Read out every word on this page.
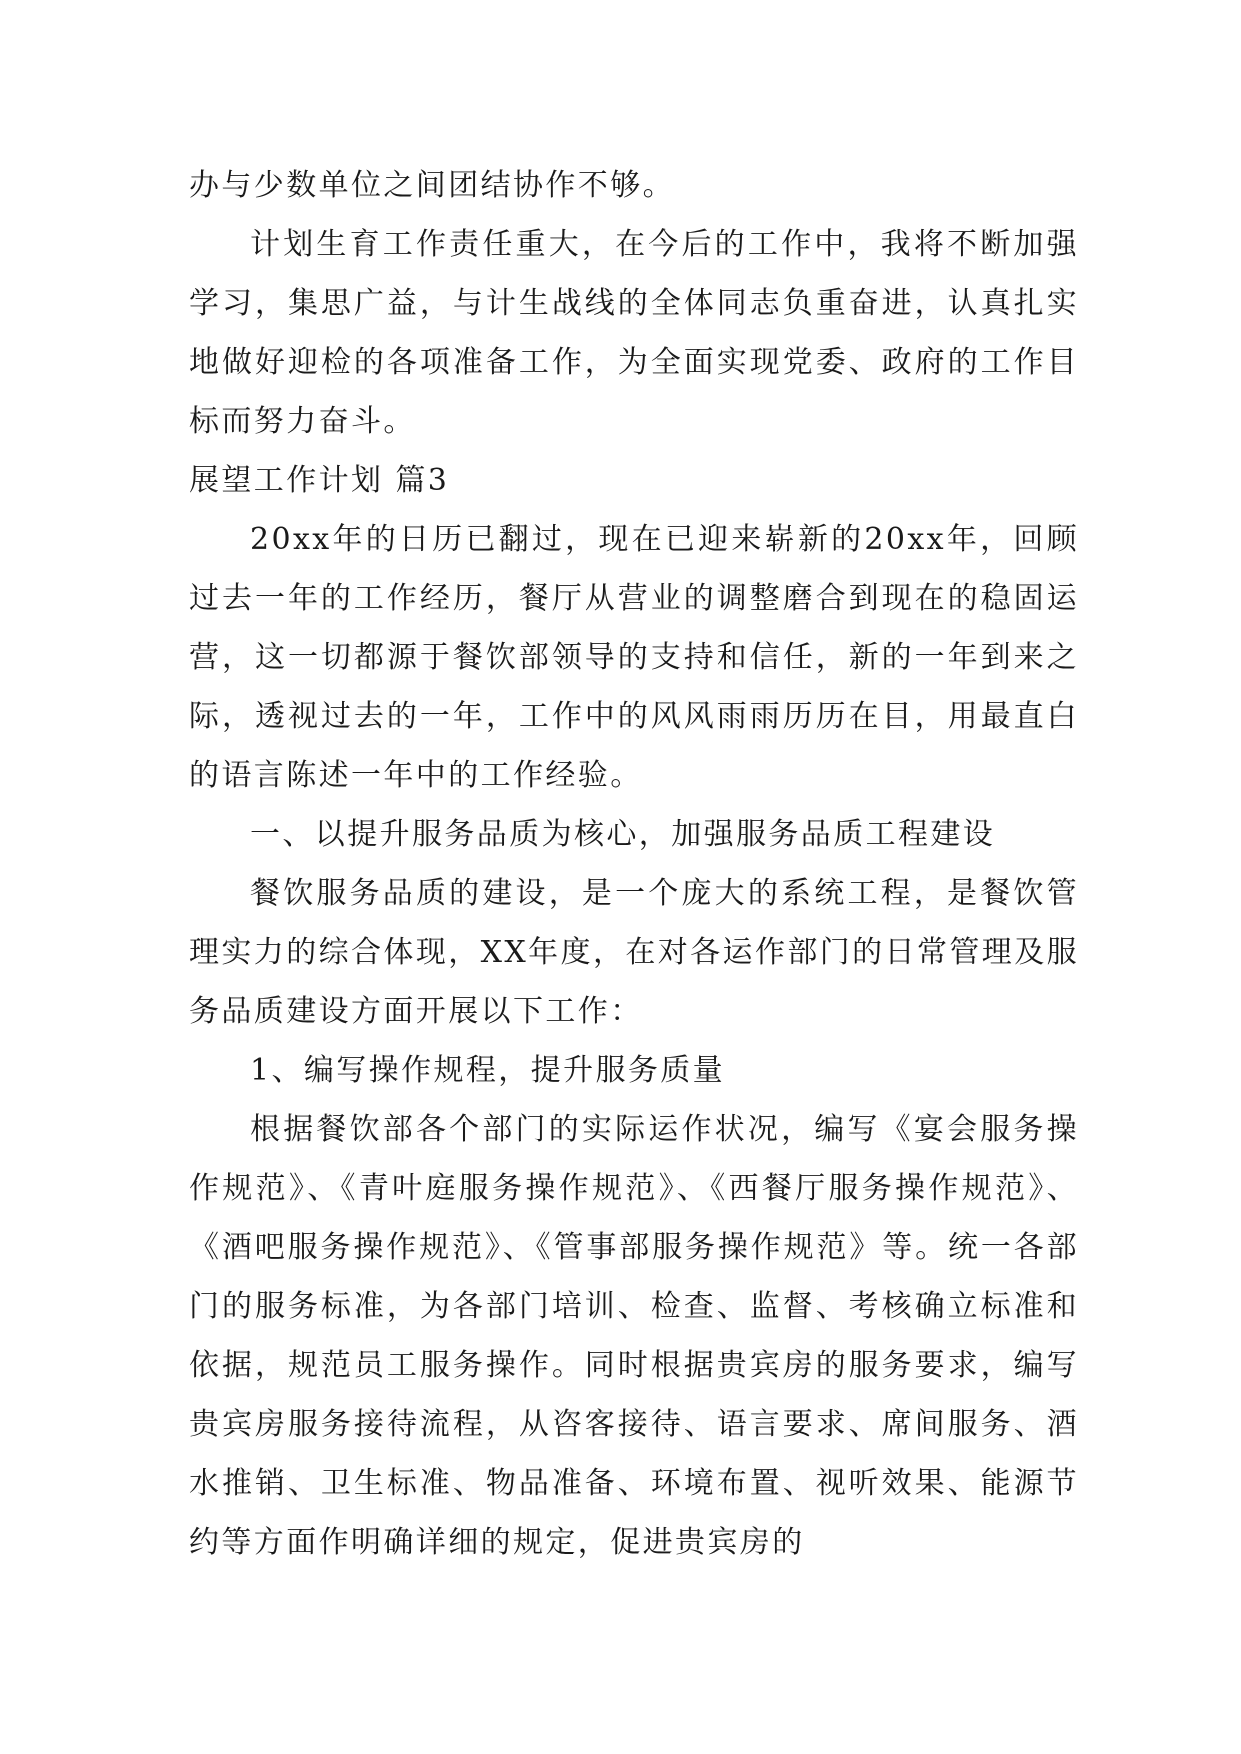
办与少数单位之间团结协作不够。

计划生育工作责任重大，在今后的工作中，我将不断加强学习，集思广益，与计生战线的全体同志负重奋进，认真扎实地做好迎检的各项准备工作，为全面实现党委、政府的工作目标而努力奋斗。

展望工作计划 篇3

20xx年的日历已翻过，现在已迎来崭新的20xx年，回顾过去一年的工作经历，餐厅从营业的调整磨合到现在的稳固运营，这一切都源于餐饮部领导的支持和信任，新的一年到来之际，透视过去的一年，工作中的风风雨雨历历在目，用最直白的语言陈述一年中的工作经验。

一、以提升服务品质为核心，加强服务品质工程建设

餐饮服务品质的建设，是一个庞大的系统工程，是餐饮管理实力的综合体现，XX年度，在对各运作部门的日常管理及服务品质建设方面开展以下工作：

1、编写操作规程，提升服务质量

根据餐饮部各个部门的实际运作状况，编写《宴会服务操作规范》、《青叶庭服务操作规范》、《西餐厅服务操作规范》、《酒吧服务操作规范》、《管事部服务操作规范》等。统一各部门的服务标准，为各部门培训、检查、监督、考核确立标准和依据，规范员工服务操作。同时根据贵宾房的服务要求，编写贵宾房服务接待流程，从咨客接待、语言要求、席间服务、酒水推销、卫生标准、物品准备、环境布置、视听效果、能源节约等方面作明确详细的规定，促进贵宾房的
